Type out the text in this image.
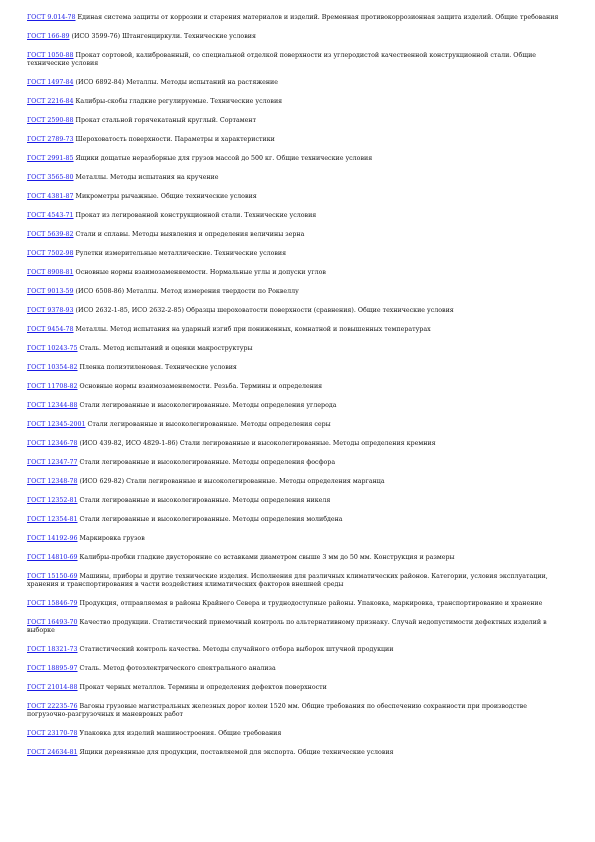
ГОСТ 9.014-78 Единая система защиты от коррозии и старения материалов и изделий. Временная противокоррозионная защита изделий. Общие требования
ГОСТ 166-89 (ИСО 3599-76) Штангенциркули. Технические условия
ГОСТ 1050-88 Прокат сортовой, калиброванный, со специальной отделкой поверхности из углеродистой качественной конструкционной стали. Общие технические условия
ГОСТ 1497-84 (ИСО 6892-84) Металлы. Методы испытаний на растяжение
ГОСТ 2216-84 Калибры-скобы гладкие регулируемые. Технические условия
ГОСТ 2590-88 Прокат стальной горячекатаный круглый. Сортамент
ГОСТ 2789-73 Шероховатость поверхности. Параметры и характеристики
ГОСТ 2991-85 Ящики дощатые неразборные для грузов массой до 500 кг. Общие технические условия
ГОСТ 3565-80 Металлы. Методы испытания на кручение
ГОСТ 4381-87 Микрометры рычажные. Общие технические условия
ГОСТ 4543-71 Прокат из легированной конструкционной стали. Технические условия
ГОСТ 5639-82 Стали и сплавы. Методы выявления и определения величины зерна
ГОСТ 7502-98 Рулетки измерительные металлические. Технические условия
ГОСТ 8908-81 Основные нормы взаимозаменяемости. Нормальные углы и допуски углов
ГОСТ 9013-59 (ИСО 6508-86) Металлы. Метод измерения твердости по Роквеллу
ГОСТ 9378-93 (ИСО 2632-1-85, ИСО 2632-2-85) Образцы шероховатости поверхности (сравнения). Общие технические условия
ГОСТ 9454-78 Металлы. Метод испытания на ударный изгиб при пониженных, комнатной и повышенных температурах
ГОСТ 10243-75 Сталь. Метод испытаний и оценки макроструктуры
ГОСТ 10354-82 Пленка полиэтиленовая. Технические условия
ГОСТ 11708-82 Основные нормы взаимозаменяемости. Резьба. Термины и определения
ГОСТ 12344-88 Стали легированные и высоколегированные. Методы определения углерода
ГОСТ 12345-2001 Стали легированные и высоколегированные. Методы определения серы
ГОСТ 12346-78 (ИСО 439-82, ИСО 4829-1-86) Стали легированные и высоколегированные. Методы определения кремния
ГОСТ 12347-77 Стали легированные и высоколегированные. Методы определения фосфора
ГОСТ 12348-78 (ИСО 629-82) Стали легированные и высоколегированные. Методы определения марганца
ГОСТ 12352-81 Стали легированные и высоколегированные. Методы определения никеля
ГОСТ 12354-81 Стали легированные и высоколегированные. Методы определения молибдена
ГОСТ 14192-96 Маркировка грузов
ГОСТ 14810-69 Калибры-пробки гладкие двусторонние со вставками диаметром свыше 3 мм до 50 мм. Конструкция и размеры
ГОСТ 15150-69 Машины, приборы и другие технические изделия. Исполнения для различных климатических районов. Категории, условия эксплуатации, хранения и транспортирования в части воздействия климатических факторов внешней среды
ГОСТ 15846-79 Продукция, отправляемая в районы Крайнего Севера и труднодоступные районы. Упаковка, маркировка, транспортирование и хранение
ГОСТ 16493-70 Качество продукции. Статистический приемочный контроль по альтернативному признаку. Случай недопустимости дефектных изделий в выборке
ГОСТ 18321-73 Статистический контроль качества. Методы случайного отбора выборок штучной продукции
ГОСТ 18895-97 Сталь. Метод фотоэлектрического спектрального анализа
ГОСТ 21014-88 Прокат черных металлов. Термины и определения дефектов поверхности
ГОСТ 22235-76 Вагоны грузовые магистральных железных дорог колеи 1520 мм. Общие требования по обеспечению сохранности при производстве погрузочно-разгрузочных и маневровых работ
ГОСТ 23170-78 Упаковка для изделий машиностроения. Общие требования
ГОСТ 24634-81 Ящики деревянные для продукции, поставляемой для экспорта. Общие технические условия
